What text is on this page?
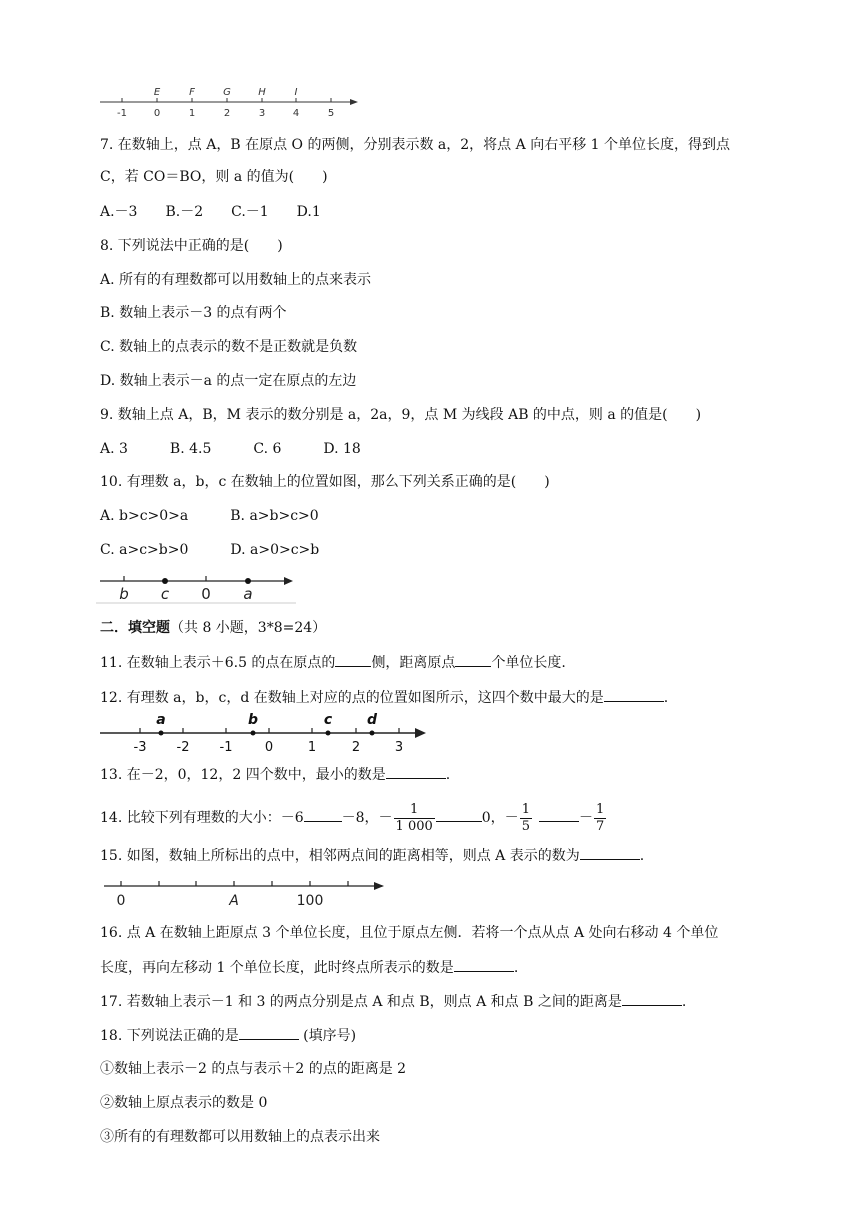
E	F	G	H	I
-1	0	1	2	3	4	5
7. 在数轴上，点 A，B 在原点 O 的两侧，分别表示数 a，2，将点 A 向右平移 1 个单位长度，得到点
C，若 CO＝BO，则 a 的值为(　　)
A.－3　　B.－2　　C.－1　　D.1
8. 下列说法中正确的是(　　)
A. 所有的有理数都可以用数轴上的点来表示
B. 数轴上表示－3 的点有两个
C. 数轴上的点表示的数不是正数就是负数
D. 数轴上表示－a 的点一定在原点的左边
9. 数轴上点 A，B，M 表示的数分别是 a，2a，9，点 M 为线段 AB 的中点，则 a 的值是(　　)
A. 3　　　B. 4.5　　　C. 6　　　D. 18
10. 有理数 a，b，c 在数轴上的位置如图，那么下列关系正确的是(　　)
A. b>c>0>a　　　B. a>b>c>0
C. a>c>b>0　　　D. a>0>c>b
b c 0 a
二．填空题（共 8 小题，3*8=24）
11. 在数轴上表示＋6.5 的点在原点的	侧，距离原点	个单位长度.
12. 有理数 a，b，c，d 在数轴上对应的点的位置如图所示，这四个数中最大的是	.
a	b	c d
-3 -2 -1 0	1	2	3
13. 在－2，0，12，2 四个数中，最小的数是	.
14. 比较下列有理数的大小：－6	－8，－ $\frac{1}{1 000}$	0，－ $\frac{1}{5}$	－ $\frac{1}{7}$
15. 如图，数轴上所标出的点中，相邻两点间的距离相等，则点 A 表示的数为	.
0	A	100
16. 点 A 在数轴上距原点 3 个单位长度，且位于原点左侧．若将一个点从点 A 处向右移动 4 个单位
长度，再向左移动 1 个单位长度，此时终点所表示的数是	.
17. 若数轴上表示－1 和 3 的两点分别是点 A 和点 B，则点 A 和点 B 之间的距离是	.
18. 下列说法正确的是	(填序号)
①数轴上表示－2 的点与表示＋2 的点的距离是 2
②数轴上原点表示的数是 0
③所有的有理数都可以用数轴上的点表示出来
